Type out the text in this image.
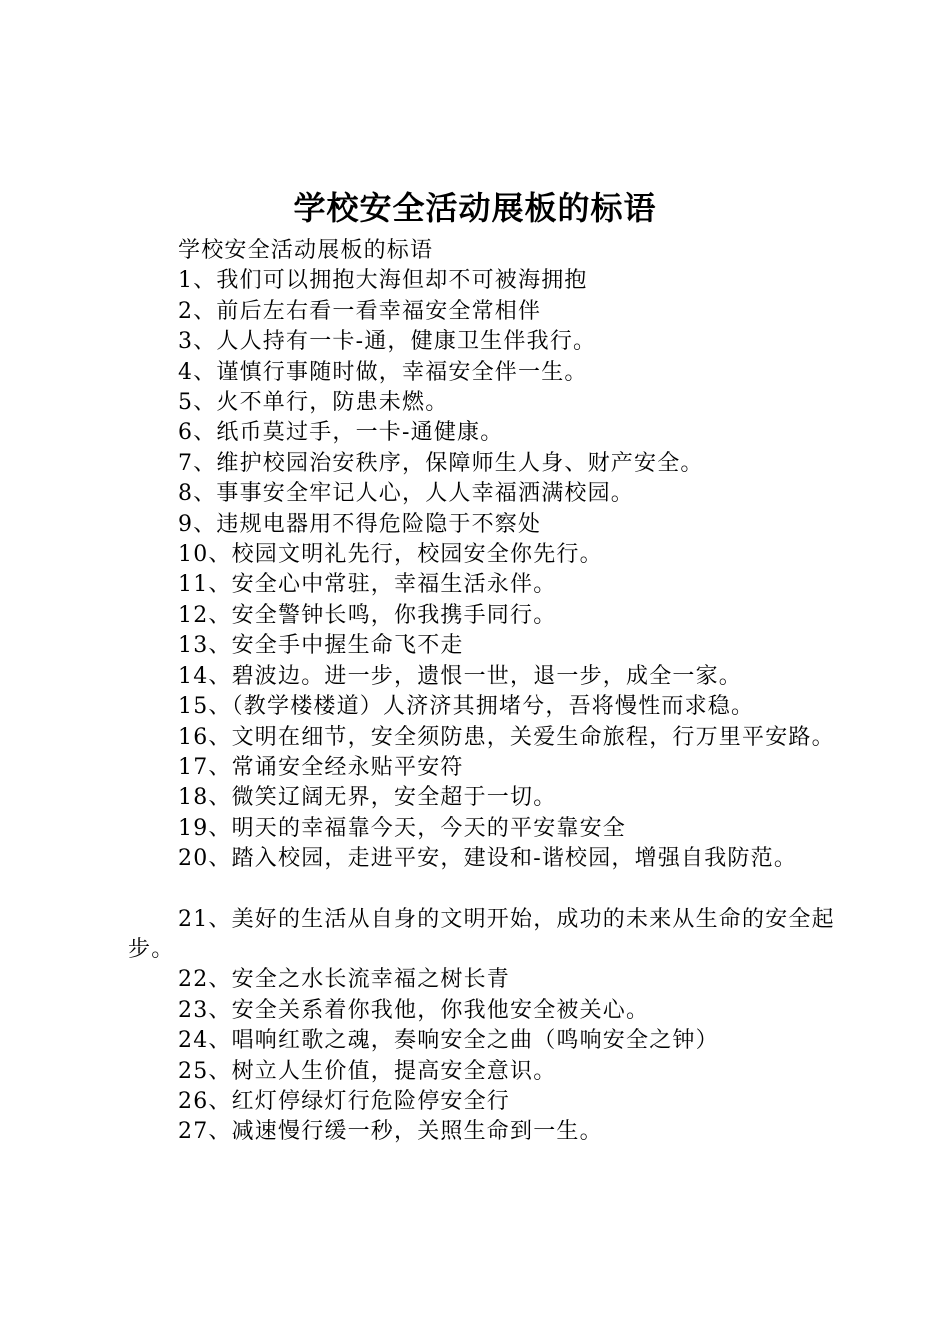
学校安全活动展板的标语

学校安全活动展板的标语

1、我们可以拥抱大海但却不可被海拥抱

2、前后左右看一看幸福安全常相伴

3、人人持有一卡-通，健康卫生伴我行。

4、谨慎行事随时做，幸福安全伴一生。

5、火不单行，防患未燃。

6、纸币莫过手，一卡-通健康。

7、维护校园治安秩序，保障师生人身、财产安全。

8、事事安全牢记人心，人人幸福洒满校园。

9、违规电器用不得危险隐于不察处

10、校园文明礼先行，校园安全你先行。

11、安全心中常驻，幸福生活永伴。

12、安全警钟长鸣，你我携手同行。

13、安全手中握生命飞不走

14、碧波边。进一步，遗恨一世，退一步，成全一家。

15、（教学楼楼道）人济济其拥堵兮，吾将慢性而求稳。

16、文明在细节，安全须防患，关爱生命旅程，行万里平安路。

17、常诵安全经永贴平安符

18、微笑辽阔无界，安全超于一切。

19、明天的幸福靠今天，今天的平安靠安全

20、踏入校园，走进平安，建设和-谐校园，增强自我防范。

21、美好的生活从自身的文明开始，成功的未来从生命的安全起步。

22、安全之水长流幸福之树长青

23、安全关系着你我他，你我他安全被关心。

24、唱响红歌之魂，奏响安全之曲（鸣响安全之钟）

25、树立人生价值，提高安全意识。

26、红灯停绿灯行危险停安全行

27、减速慢行缓一秒，关照生命到一生。
